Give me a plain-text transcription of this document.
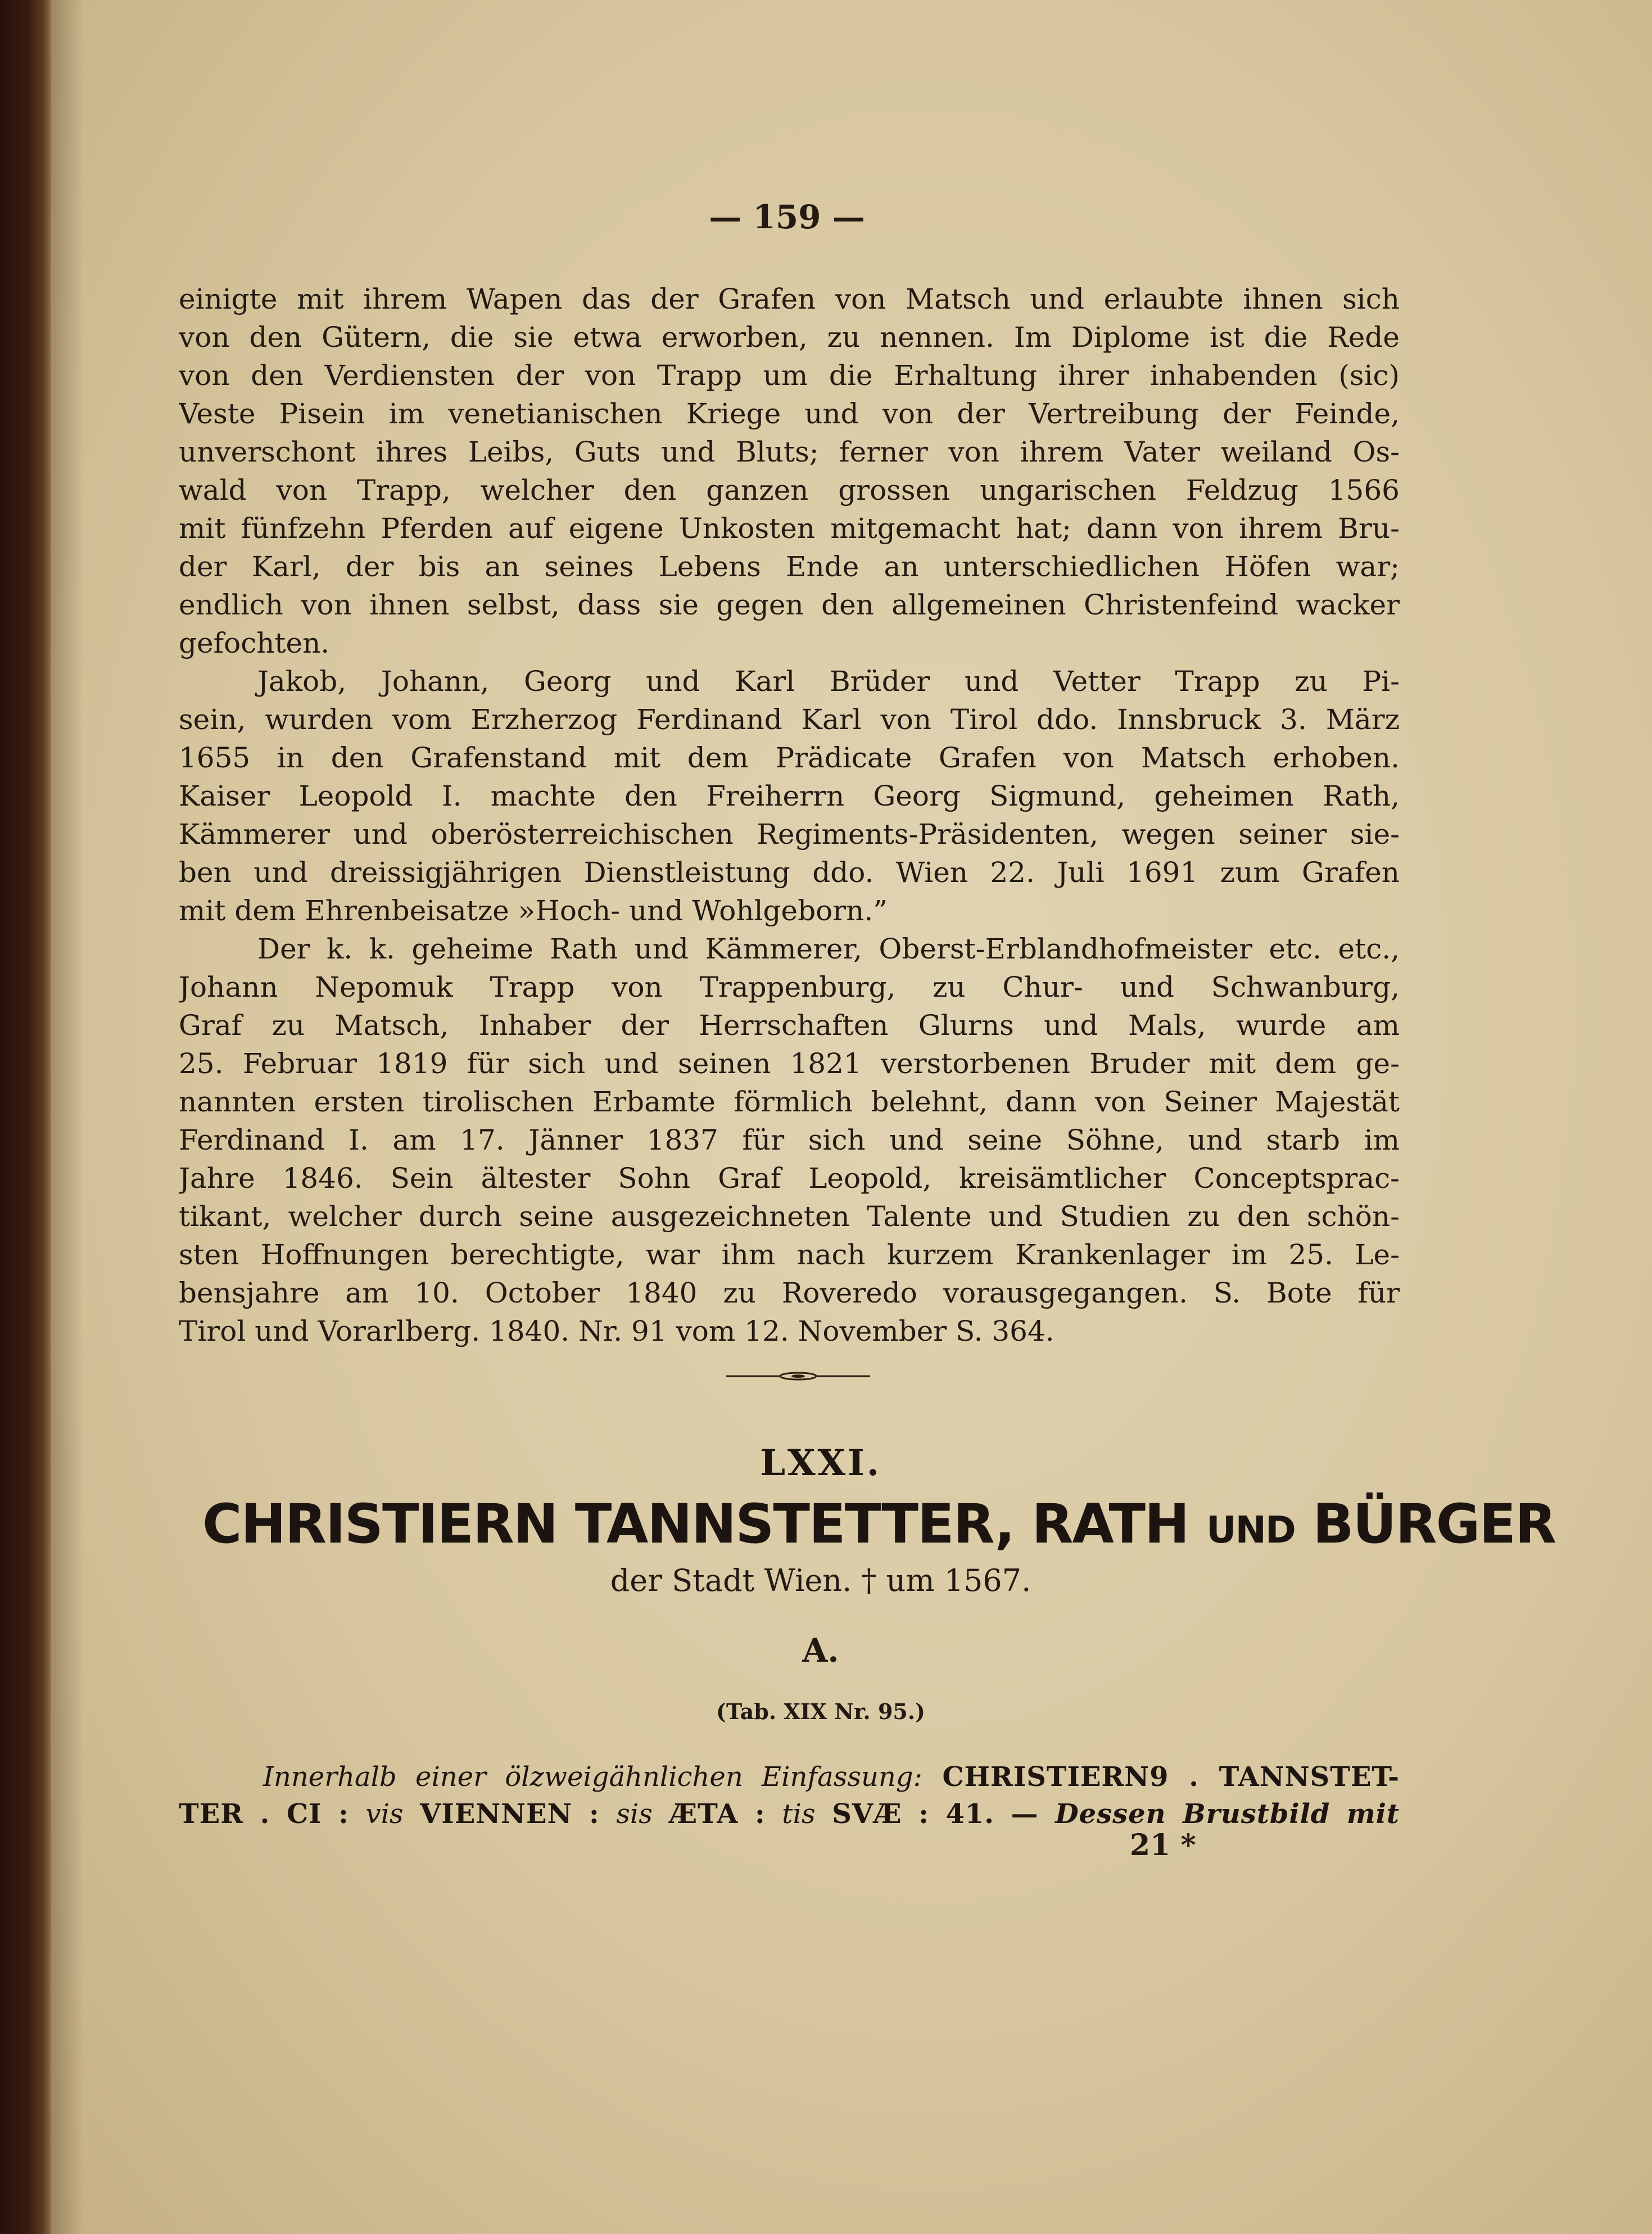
— 159 —
einigte mit ihrem Wapen das der Grafen von Matsch und erlaubte ihnen sich
von den Gütern, die sie etwa erworben, zu nennen. Im Diplome ist die Rede
von den Verdiensten der von Trapp um die Erhaltung ihrer inhabenden (sic)
Veste Pisein im venetianischen Kriege und von der Vertreibung der Feinde,
unverschont ihres Leibs, Guts und Bluts; ferner von ihrem Vater weiland Os-
wald von Trapp, welcher den ganzen grossen ungarischen Feldzug 1566
mit fünfzehn Pferden auf eigene Unkosten mitgemacht hat; dann von ihrem Bru-
der Karl, der bis an seines Lebens Ende an unterschiedlichen Höfen war;
endlich von ihnen selbst, dass sie gegen den allgemeinen Christenfeind wacker
gefochten.
Jakob, Johann, Georg und Karl Brüder und Vetter Trapp zu Pi-
sein, wurden vom Erzherzog Ferdinand Karl von Tirol ddo. Innsbruck 3. März
1655 in den Grafenstand mit dem Prädicate Grafen von Matsch erhoben.
Kaiser Leopold I. machte den Freiherrn Georg Sigmund, geheimen Rath,
Kämmerer und oberösterreichischen Regiments-Präsidenten, wegen seiner sie-
ben und dreissigjährigen Dienstleistung ddo. Wien 22. Juli 1691 zum Grafen
mit dem Ehrenbeisatze »Hoch- und Wohlgeborn.”
Der k. k. geheime Rath und Kämmerer, Oberst-Erblandhofmeister etc. etc.,
Johann Nepomuk Trapp von Trappenburg, zu Chur- und Schwanburg,
Graf zu Matsch, Inhaber der Herrschaften Glurns und Mals, wurde am
25. Februar 1819 für sich und seinen 1821 verstorbenen Bruder mit dem ge-
nannten ersten tirolischen Erbamte förmlich belehnt, dann von Seiner Majestät
Ferdinand I. am 17. Jänner 1837 für sich und seine Söhne, und starb im
Jahre 1846. Sein ältester Sohn Graf Leopold, kreisämtlicher Conceptsprac-
tikant, welcher durch seine ausgezeichneten Talente und Studien zu den schön-
sten Hoffnungen berechtigte, war ihm nach kurzem Krankenlager im 25. Le-
bensjahre am 10. October 1840 zu Roveredo vorausgegangen. S. Bote für
Tirol und Vorarlberg. 1840. Nr. 91 vom 12. November S. 364.
LXXI.
CHRISTIERN TANNSTETTER, RATH UND BÜRGER
der Stadt Wien. † um 1567.
A.
(Tab. XIX Nr. 95.)
Innerhalb einer ölzweigähnlichen Einfassung: CHRISTIERN9 . TANNSTET-
TER . CI : vis VIENNEN : sis ÆTA : tis SVÆ : 41. — Dessen Brustbild mit
21 *
